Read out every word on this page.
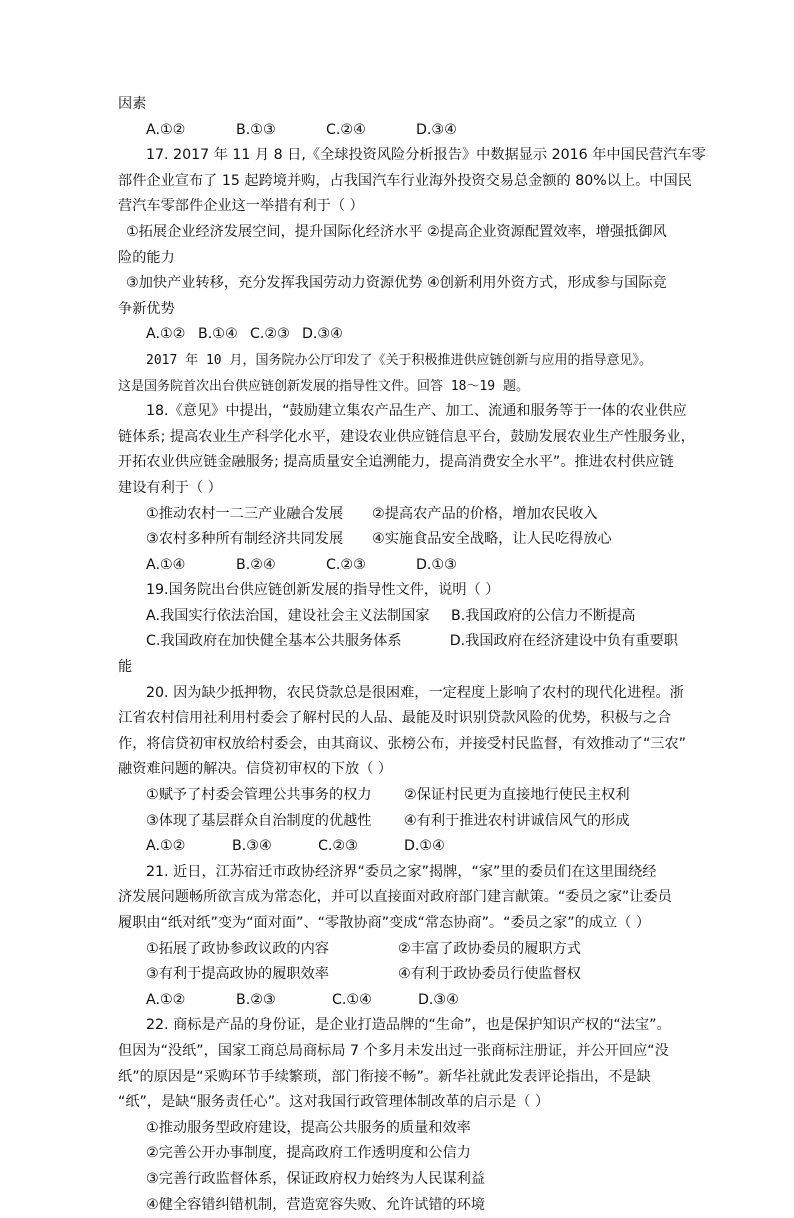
因素
A.①②	B.①③	C.②④	D.③④
17. 2017 年 11 月 8 日,《全球投资风险分析报告》中数据显示 2016 年中国民营汽车零
部件企业宣布了 15 起跨境并购，占我国汽车行业海外投资交易总金额的 80%以上。中国民
营汽车零部件企业这一举措有利于（ ）
①拓展企业经济发展空间，提升国际化经济水平 ②提高企业资源配置效率，增强抵御风
险的能力
③加快产业转移，充分发挥我国劳动力资源优势 ④创新利用外资方式，形成参与国际竞
争新优势
A.①② B.①④ C.②③ D.③④
2017 年 10 月，国务院办公厅印发了《关于积极推进供应链创新与应用的指导意见》。
这是国务院首次出台供应链创新发展的指导性文件。回答 18～19 题。
18.《意见》中提出，“鼓励建立集农产品生产、加工、流通和服务等于一体的农业供应
链体系; 提高农业生产科学化水平，建设农业供应链信息平台，鼓励发展农业生产性服务业，
开拓农业供应链金融服务; 提高质量安全追溯能力，提高消费安全水平”。推进农村供应链
建设有利于（ ）
①推动农村一二三产业融合发展	②提高农产品的价格，增加农民收入
③农村多种所有制经济共同发展	④实施食品安全战略，让人民吃得放心
A.①④	B.②④	C.②③	D.①③
19.国务院出台供应链创新发展的指导性文件，说明（ ）
A.我国实行依法治国，建设社会主义法制国家	B.我国政府的公信力不断提高
C.我国政府在加快健全基本公共服务体系	D.我国政府在经济建设中负有重要职
能
20. 因为缺少抵押物，农民贷款总是很困难，一定程度上影响了农村的现代化进程。浙
江省农村信用社利用村委会了解村民的人品、最能及时识别贷款风险的优势，积极与之合
作，将信贷初审权放给村委会，由其商议、张榜公布，并接受村民监督，有效推动了“三农”
融资难问题的解决。信贷初审权的下放（ ）
①赋予了村委会管理公共事务的权力	②保证村民更为直接地行使民主权利
③体现了基层群众自治制度的优越性	④有利于推进农村讲诚信风气的形成
A.①②	B.③④	C.②③	D.①④
21. 近日，江苏宿迁市政协经济界“委员之家”揭牌，“家”里的委员们在这里围绕经
济发展问题畅所欲言成为常态化，并可以直接面对政府部门建言献策。“委员之家”让委员
履职由“纸对纸”变为“面对面”、“零散协商”变成“常态协商”。“委员之家”的成立（ ）
①拓展了政协参政议政的内容	②丰富了政协委员的履职方式
③有利于提高政协的履职效率	④有利于政协委员行使监督权
A.①②	B.②③	C.①④	D.③④
22. 商标是产品的身份证，是企业打造品牌的“生命”，也是保护知识产权的“法宝”。
但因为“没纸”，国家工商总局商标局 7 个多月未发出过一张商标注册证，并公开回应“没
纸”的原因是“采购环节手续繁琐，部门衔接不畅”。新华社就此发表评论指出，不是缺
“纸”，是缺“服务责任心”。这对我国行政管理体制改革的启示是（ ）
①推动服务型政府建设，提高公共服务的质量和效率
②完善公开办事制度，提高政府工作透明度和公信力
③完善行政监督体系，保证政府权力始终为人民谋利益
④健全容错纠错机制，营造宽容失败、允许试错的环境
